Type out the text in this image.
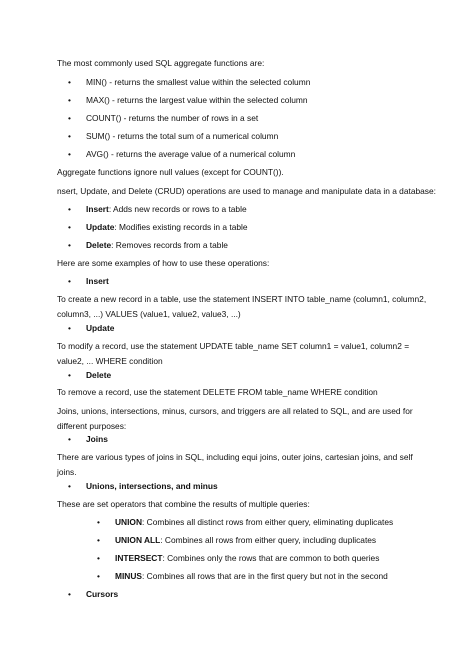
The most commonly used SQL aggregate functions are:
• MIN() - returns the smallest value within the selected column
• MAX() - returns the largest value within the selected column
• COUNT() - returns the number of rows in a set
• SUM() - returns the total sum of a numerical column
• AVG() - returns the average value of a numerical column
Aggregate functions ignore null values (except for COUNT()).
nsert, Update, and Delete (CRUD) operations are used to manage and manipulate data in a database:
• Insert: Adds new records or rows to a table
• Update: Modifies existing records in a table
• Delete: Removes records from a table
Here are some examples of how to use these operations:
• Insert
To create a new record in a table, use the statement INSERT INTO table_name (column1, column2, column3, ...) VALUES (value1, value2, value3, ...)
• Update
To modify a record, use the statement UPDATE table_name SET column1 = value1, column2 = value2, ... WHERE condition
• Delete
To remove a record, use the statement DELETE FROM table_name WHERE condition
Joins, unions, intersections, minus, cursors, and triggers are all related to SQL, and are used for different purposes:
• Joins
There are various types of joins in SQL, including equi joins, outer joins, cartesian joins, and self joins.
• Unions, intersections, and minus
These are set operators that combine the results of multiple queries:
• UNION: Combines all distinct rows from either query, eliminating duplicates
• UNION ALL: Combines all rows from either query, including duplicates
• INTERSECT: Combines only the rows that are common to both queries
• MINUS: Combines all rows that are in the first query but not in the second
• Cursors
